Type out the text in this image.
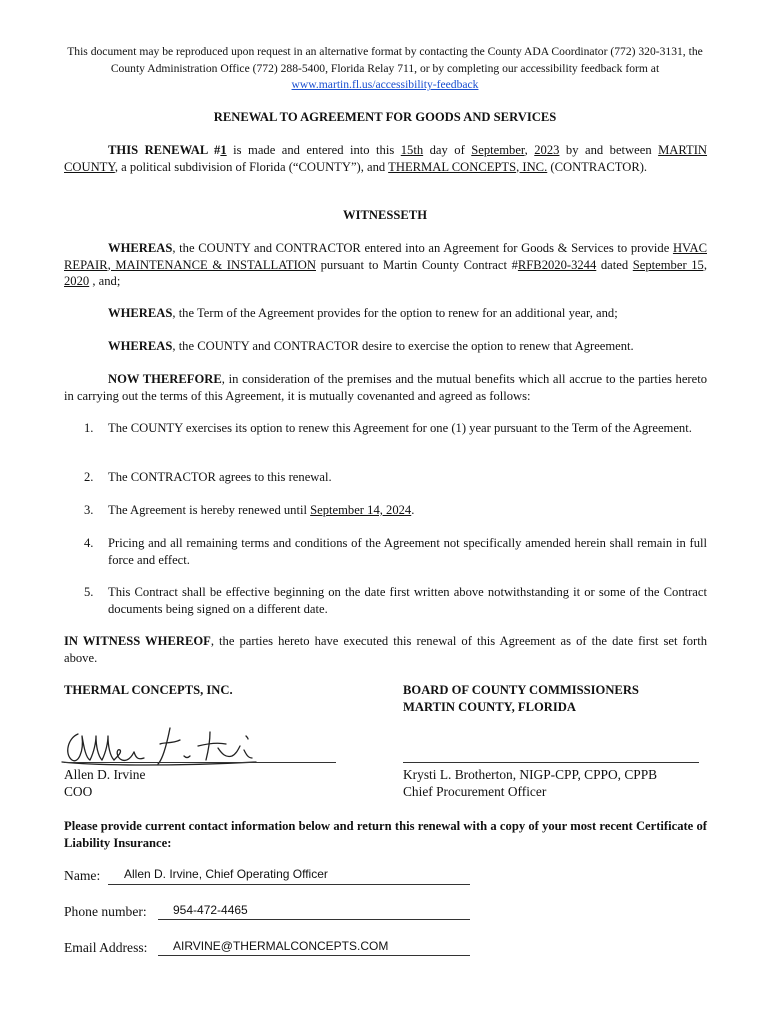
This document may be reproduced upon request in an alternative format by contacting the County ADA Coordinator (772) 320-3131, the County Administration Office (772) 288-5400, Florida Relay 711, or by completing our accessibility feedback form at www.martin.fl.us/accessibility-feedback
RENEWAL TO AGREEMENT FOR GOODS AND SERVICES
THIS RENEWAL #1 is made and entered into this 15th day of September, 2023 by and between MARTIN COUNTY, a political subdivision of Florida (“COUNTY”), and THERMAL CONCEPTS, INC. (CONTRACTOR).
WITNESSETH
WHEREAS, the COUNTY and CONTRACTOR entered into an Agreement for Goods & Services to provide HVAC REPAIR, MAINTENANCE & INSTALLATION pursuant to Martin County Contract #RFB2020-3244 dated September 15, 2020 , and;
WHEREAS, the Term of the Agreement provides for the option to renew for an additional year, and;
WHEREAS, the COUNTY and CONTRACTOR desire to exercise the option to renew that Agreement.
NOW THEREFORE, in consideration of the premises and the mutual benefits which all accrue to the parties hereto in carrying out the terms of this Agreement, it is mutually covenanted and agreed as follows:
1.	The COUNTY exercises its option to renew this Agreement for one (1) year pursuant to the Term of the Agreement.
2.	The CONTRACTOR agrees to this renewal.
3.	The Agreement is hereby renewed until September 14, 2024.
4.	Pricing and all remaining terms and conditions of the Agreement not specifically amended herein shall remain in full force and effect.
5.	This Contract shall be effective beginning on the date first written above notwithstanding it or some of the Contract documents being signed on a different date.
IN WITNESS WHEREOF, the parties hereto have executed this renewal of this Agreement as of the date first set forth above.
THERMAL CONCEPTS, INC.	BOARD OF COUNTY COMMISSIONERS
MARTIN COUNTY, FLORIDA
Allen D. Irvine
COO
Krysti L. Brotherton, NIGP-CPP, CPPO, CPPB
Chief Procurement Officer
Please provide current contact information below and return this renewal with a copy of your most recent Certificate of Liability Insurance:
Name: Allen D. Irvine, Chief Operating Officer
Phone number: 954-472-4465
Email Address: AIRVINE@THERMALCONCEPTS.COM
